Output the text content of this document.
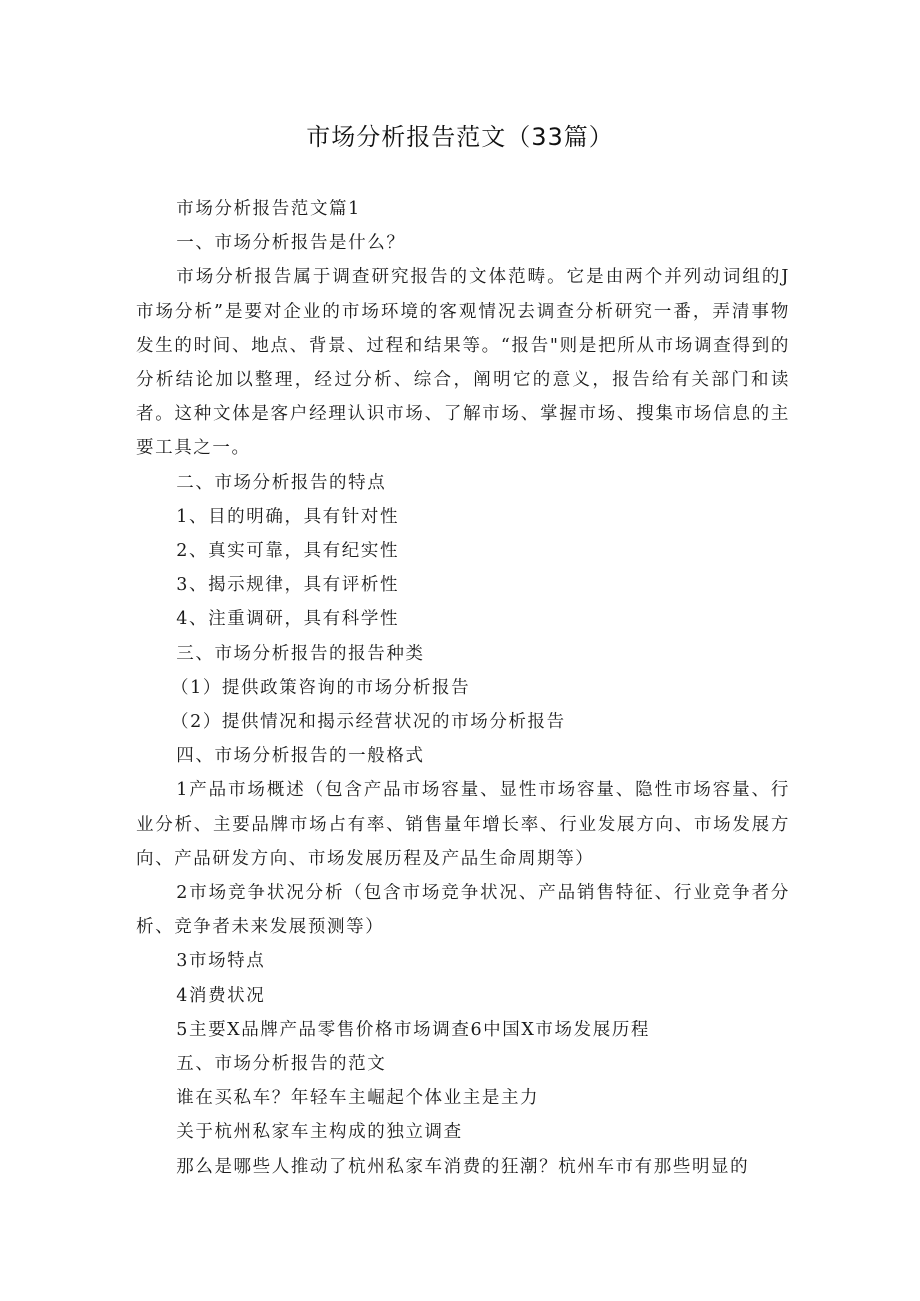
市场分析报告范文（33篇）

市场分析报告范文篇1

一、市场分析报告是什么？

市场分析报告属于调查研究报告的文体范畴。它是由两个并列动词组的J市场分析”是要对企业的市场环境的客观情况去调查分析研究一番，弄清事物发生的时间、地点、背景、过程和结果等。“报告"则是把所从市场调查得到的分析结论加以整理，经过分析、综合，阐明它的意义，报告给有关部门和读者。这种文体是客户经理认识市场、了解市场、掌握市场、搜集市场信息的主要工具之一。

二、市场分析报告的特点

1、目的明确，具有针对性

2、真实可靠，具有纪实性

3、揭示规律，具有评析性

4、注重调研，具有科学性

三、市场分析报告的报告种类

（1）提供政策咨询的市场分析报告

（2）提供情况和揭示经营状况的市场分析报告

四、市场分析报告的一般格式

1产品市场概述（包含产品市场容量、显性市场容量、隐性市场容量、行业分析、主要品牌市场占有率、销售量年增长率、行业发展方向、市场发展方向、产品研发方向、市场发展历程及产品生命周期等）

2市场竞争状况分析（包含市场竞争状况、产品销售特征、行业竞争者分析、竞争者未来发展预测等）

3市场特点

4消费状况

5主要X品牌产品零售价格市场调查6中国X市场发展历程

五、市场分析报告的范文

谁在买私车？年轻车主崛起个体业主是主力

关于杭州私家车主构成的独立调查

那么是哪些人推动了杭州私家车消费的狂潮？杭州车市有那些明显的
